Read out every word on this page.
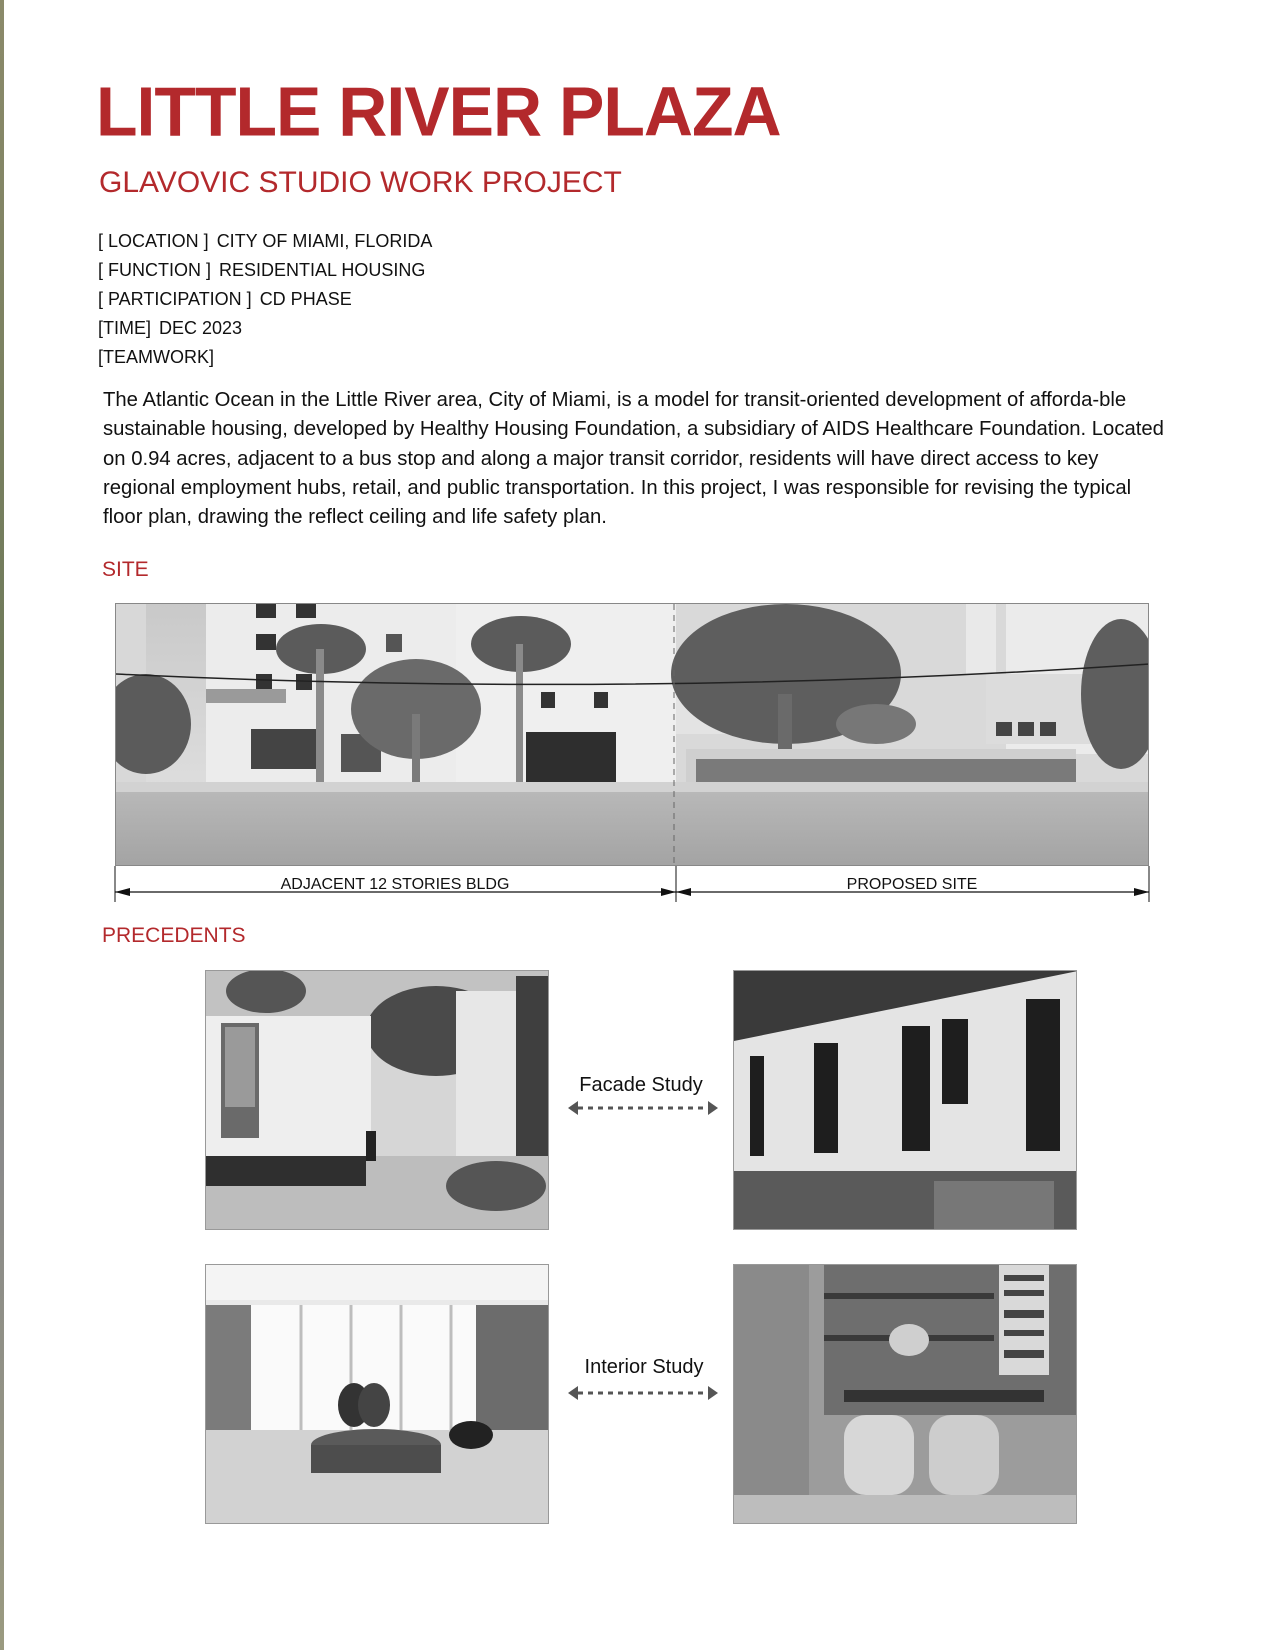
LITTLE RIVER PLAZA
GLAVOVIC STUDIO WORK PROJECT
[ LOCATION ] CITY OF MIAMI, FLORIDA
[ FUNCTION ] RESIDENTIAL HOUSING
[ PARTICIPATION ] CD PHASE
[TIME] DEC 2023
[TEAMWORK]

The Atlantic Ocean in the Little River area, City of Miami, is a model for transit-oriented development of afforda-ble sustainable housing, developed by Healthy Housing Foundation, a subsidiary of AIDS Healthcare Foundation. Located on 0.94 acres, adjacent to a bus stop and along a major transit corridor, residents will have direct access to key regional employment hubs, retail, and public transportation. In this project, I was responsible for revising the typical floor plan, drawing the reflect ceiling and life safety plan.

SITE
ADJACENT 12 STORIES BLDG	PROPOSED SITE
PRECEDENTS
Facade Study
Interior Study
